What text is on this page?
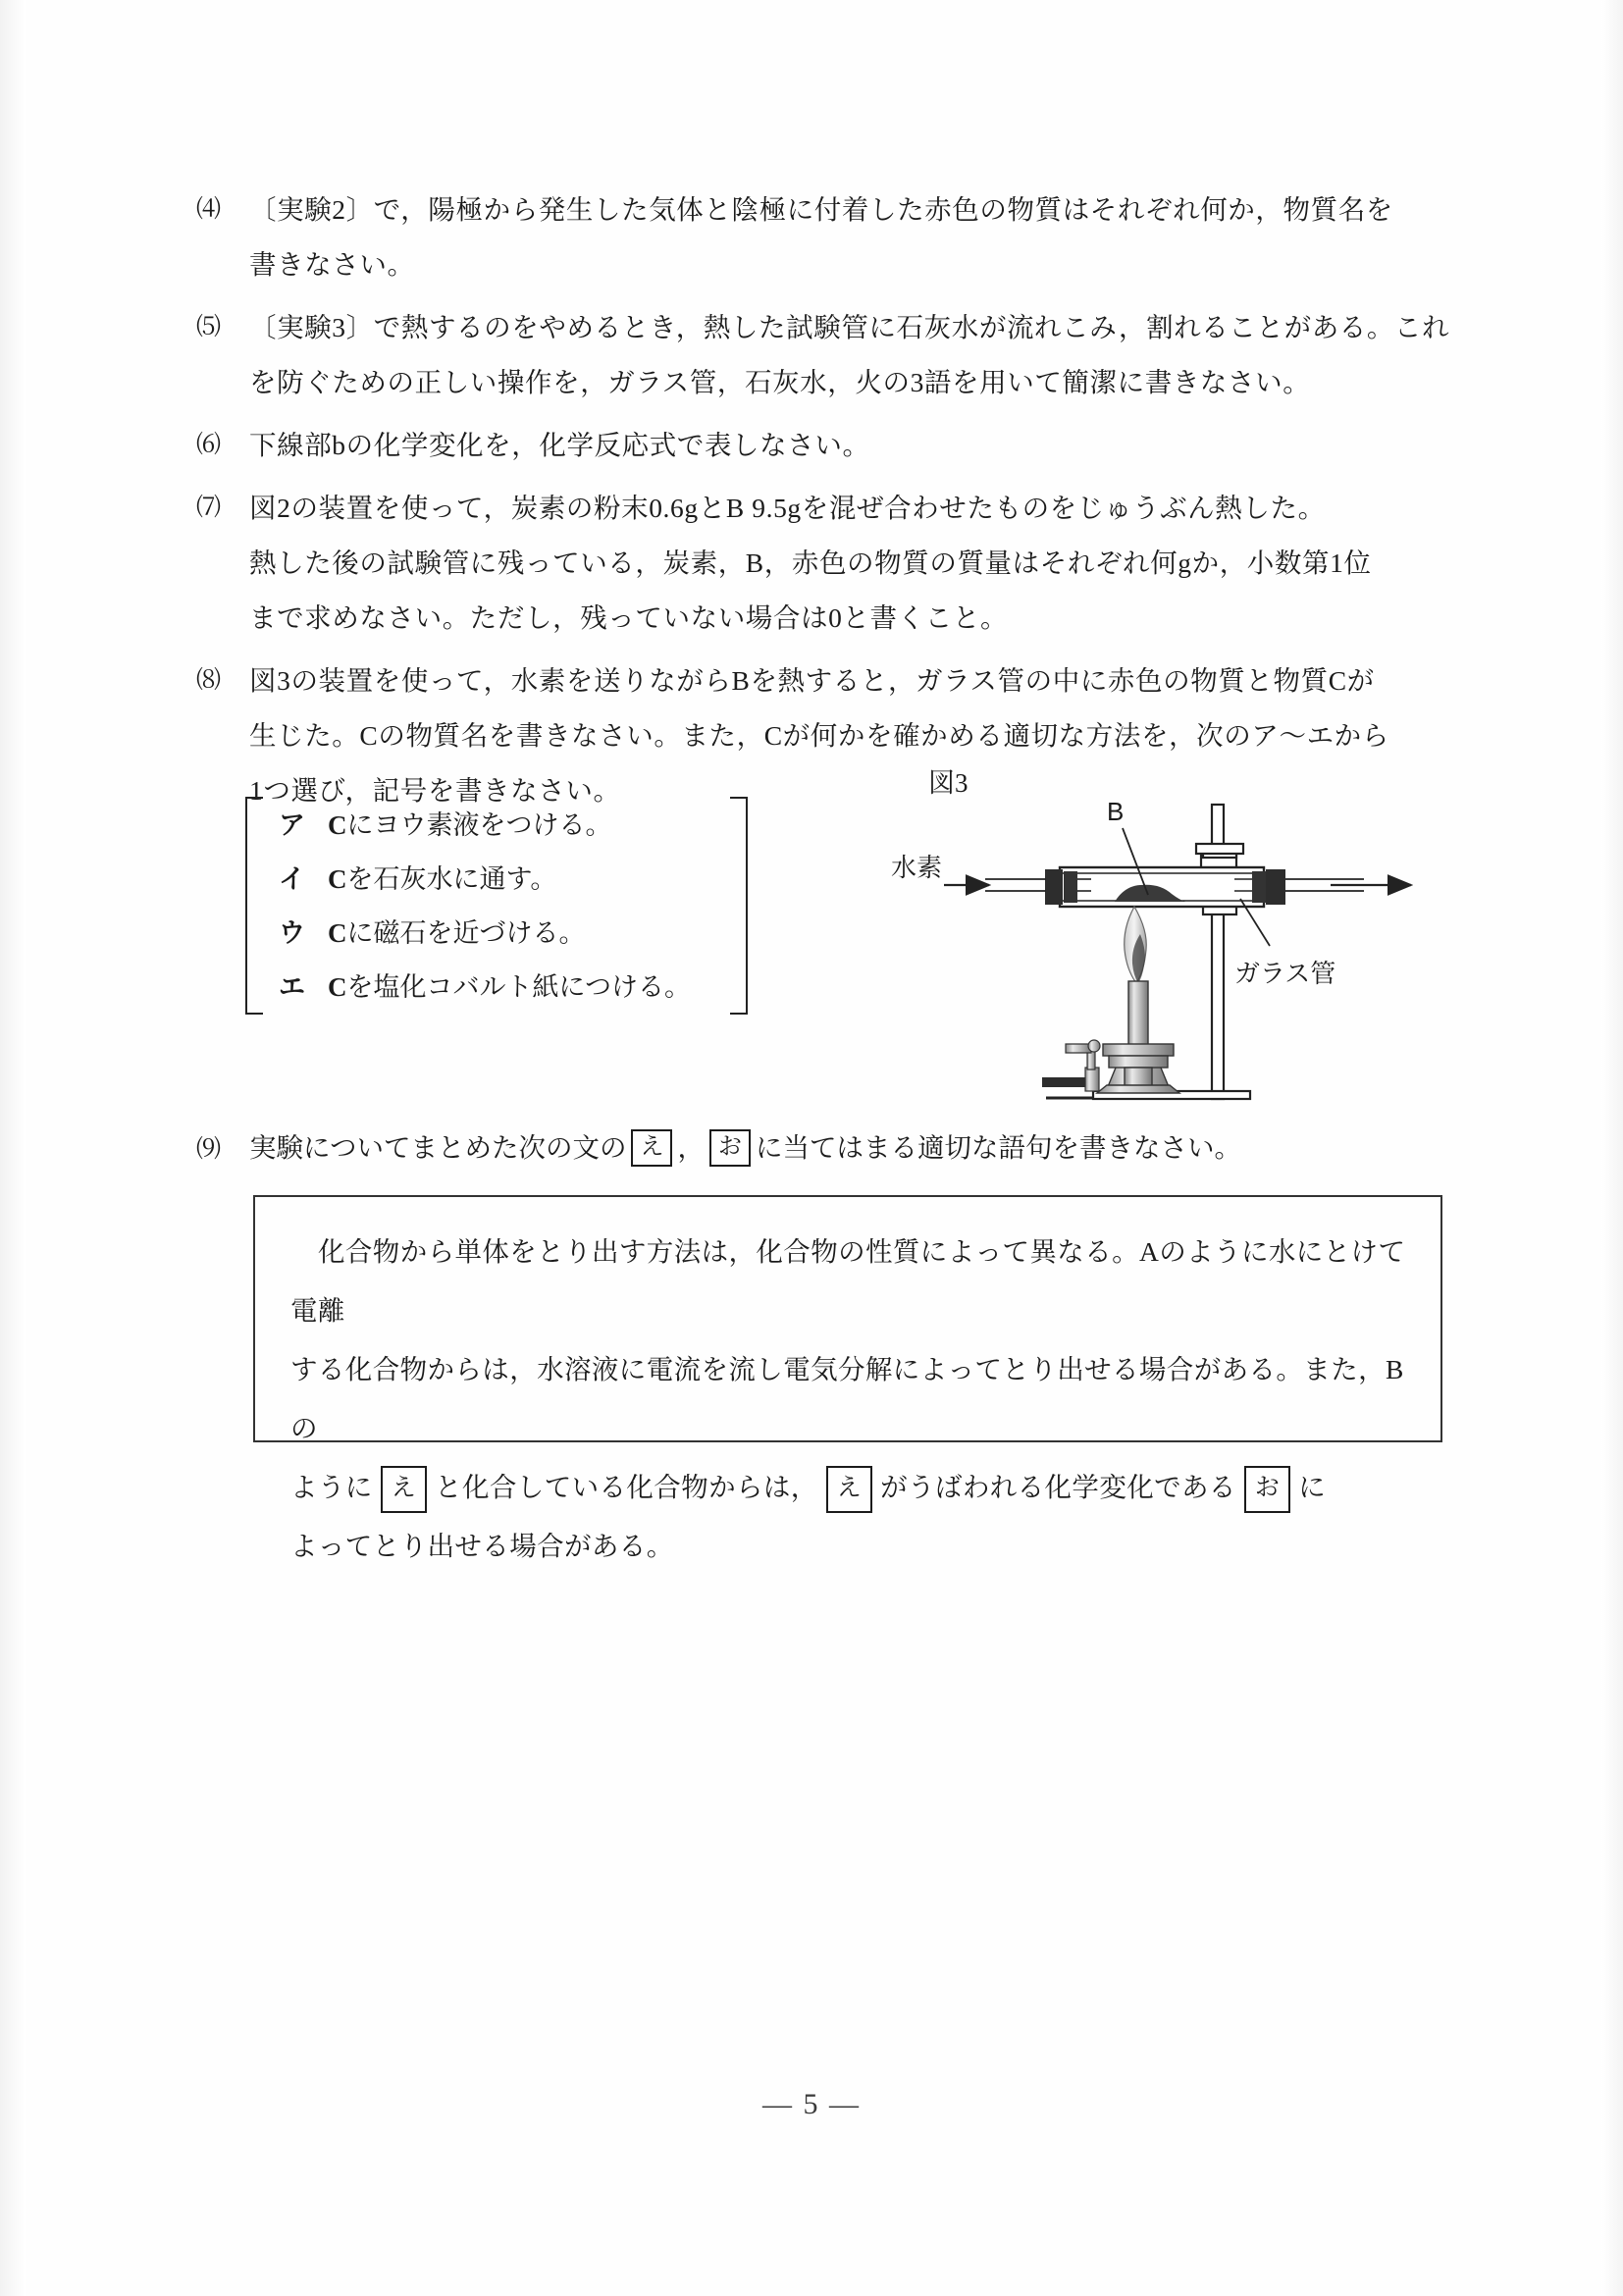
⑷	〔実験2〕で，陽極から発生した気体と陰極に付着した赤色の物質はそれぞれ何か，物質名を

書きなさい。

⑸	〔実験3〕で熱するのをやめるとき，熱した試験管に石灰水が流れこみ，割れることがある。これ

を防ぐための正しい操作を，ガラス管，石灰水，火の3語を用いて簡潔に書きなさい。

⑹	下線部bの化学変化を，化学反応式で表しなさい。

⑺	図2の装置を使って，炭素の粉末0.6gとB 9.5gを混ぜ合わせたものをじゅうぶん熱した。

熱した後の試験管に残っている，炭素，B，赤色の物質の質量はそれぞれ何gか，小数第1位

まで求めなさい。ただし，残っていない場合は0と書くこと。

⑻	図3の装置を使って，水素を送りながらBを熱すると，ガラス管の中に赤色の物質と物質Cが

生じた。Cの物質名を書きなさい。また，Cが何かを確かめる適切な方法を，次のア～エから

1つ選び，記号を書きなさい。

ア Cにヨウ素液をつける。
イ Cを石灰水に通す。
ウ Cに磁石を近づける。
エ Cを塩化コバルト紙につける。
図3
B
水素
ガラス管
⑼ 実験についてまとめた次の文の え ， お に当てはまる適切な語句を書きなさい。

化合物から単体をとり出す方法は，化合物の性質によって異なる。Aのように水にとけて電離

する化合物からは，水溶液に電流を流し電気分解によってとり出せる場合がある。また，Bの

ように え と化合している化合物からは， え がうばわれる化学変化である お に

よってとり出せる場合がある。

— 5 —
